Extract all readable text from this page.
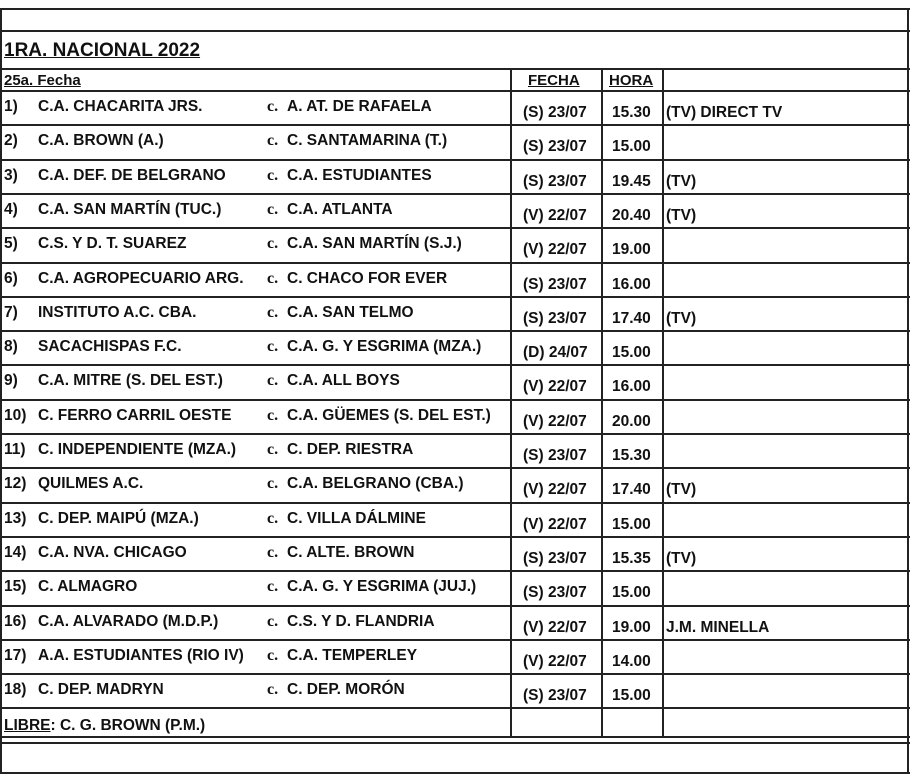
1RA. NACIONAL 2022
25a. Fecha	FECHA HORA
1) C.A. CHACARITA JRS.	c. A. AT. DE RAFAELA	(S) 23/07 15.30 (TV) DIRECT TV
2) C.A. BROWN (A.)	c. C. SANTAMARINA (T.)	(S) 23/07 15.00
3) C.A. DEF. DE BELGRANO	c. C.A. ESTUDIANTES	(S) 23/07 19.45 (TV)
4) C.A. SAN MARTÍN (TUC.)	c. C.A. ATLANTA	(V) 22/07 20.40 (TV)
5) C.S. Y D. T. SUAREZ	c. C.A. SAN MARTÍN (S.J.)	(V) 22/07 19.00
6) C.A. AGROPECUARIO ARG. c. C. CHACO FOR EVER	(S) 23/07 16.00
7) INSTITUTO A.C. CBA.	c. C.A. SAN TELMO	(S) 23/07 17.40 (TV)
8) SACACHISPAS F.C.	c. C.A. G. Y ESGRIMA (MZA.)	(D) 24/07 15.00
9) C.A. MITRE (S. DEL EST.)	c. C.A. ALL BOYS	(V) 22/07 16.00
10) C. FERRO CARRIL OESTE c. C.A. GÜEMES (S. DEL EST.) (V) 22/07 20.00
11) C. INDEPENDIENTE (MZA.) c. C. DEP. RIESTRA	(S) 23/07 15.30
12) QUILMES A.C.	c. C.A. BELGRANO (CBA.)	(V) 22/07 17.40 (TV)
13) C. DEP. MAIPÚ (MZA.)	c. C. VILLA DÁLMINE	(V) 22/07 15.00
14) C.A. NVA. CHICAGO	c. C. ALTE. BROWN	(S) 23/07 15.35 (TV)
15) C. ALMAGRO	c. C.A. G. Y ESGRIMA (JUJ.)	(S) 23/07 15.00
16) C.A. ALVARADO (M.D.P.)	c. C.S. Y D. FLANDRIA	(V) 22/07 19.00 J.M. MINELLA
17) A.A. ESTUDIANTES (RIO IV) c. C.A. TEMPERLEY	(V) 22/07 14.00
18) C. DEP. MADRYN	c. C. DEP. MORÓN	(S) 23/07 15.00
LIBRE: C. G. BROWN (P.M.)
